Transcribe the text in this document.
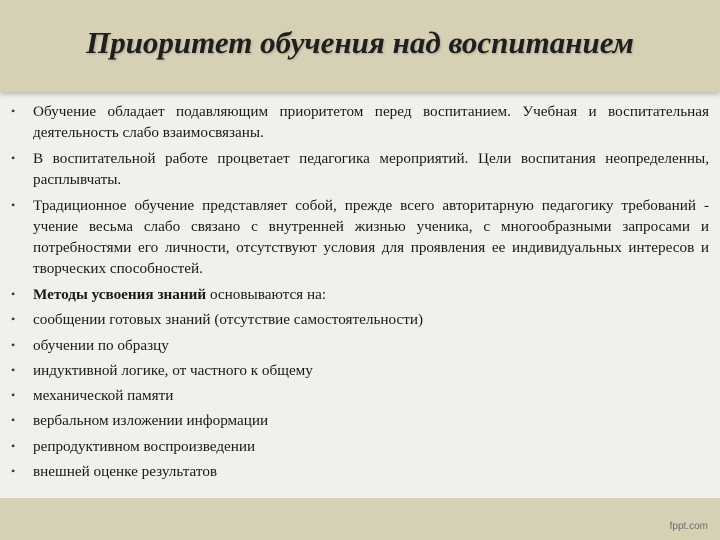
Приоритет обучения над воспитанием
•	Обучение обладает подавляющим приоритетом перед воспитанием. Учебная и воспитательная деятельность слабо взаимосвязаны.
•	В воспитательной работе процветает педагогика мероприятий. Цели воспитания неопределенны, расплывчаты.
•	Традиционное обучение представляет собой, прежде всего авторитарную педагогику требований - учение весьма слабо связано с внутренней жизнью ученика, с многообразными запросами и потребностями его личности, отсутствуют условия для проявления ее индивидуальных интересов и творческих способностей.
•	Методы усвоения знаний основываются на:
•	сообщении готовых знаний (отсутствие самостоятельности)
•	обучении по образцу
•	индуктивной логике, от частного к общему
•	механической памяти
•	вербальном изложении информации
•	репродуктивном воспроизведении
•	внешней оценке результатов
fppt.com
